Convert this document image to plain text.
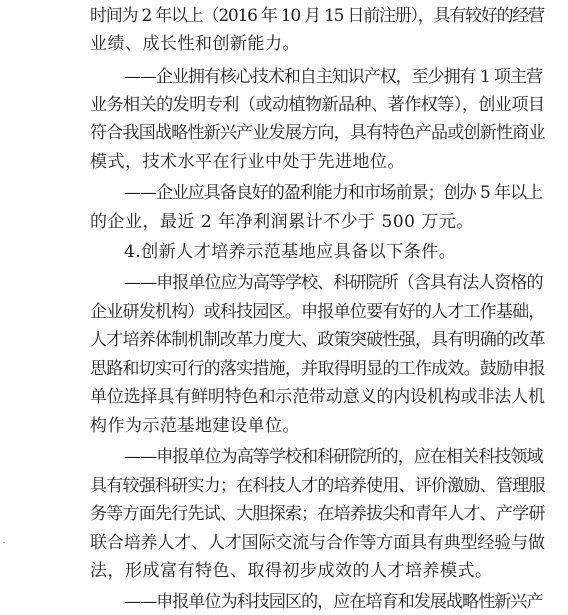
时间为 2 年以上（2016 年 10 月 15 日前注册），具有较好的经营
业绩、成长性和创新能力。
——企业拥有核心技术和自主知识产权，至少拥有 1 项主营
业务相关的发明专利（或动植物新品种、著作权等），创业项目
符合我国战略性新兴产业发展方向，具有特色产品或创新性商业
模式，技术水平在行业中处于先进地位。
——企业应具备良好的盈利能力和市场前景；创办 5 年以上
的企业，最近 2 年净利润累计不少于 500 万元。
4.创新人才培养示范基地应具备以下条件。
——申报单位应为高等学校、科研院所（含具有法人资格的
企业研发机构）或科技园区。申报单位要有好的人才工作基础，
人才培养体制机制改革力度大、政策突破性强，具有明确的改革
思路和切实可行的落实措施，并取得明显的工作成效。鼓励申报
单位选择具有鲜明特色和示范带动意义的内设机构或非法人机
构作为示范基地建设单位。
——申报单位为高等学校和科研院所的，应在相关科技领域
具有较强科研实力；在科技人才的培养使用、评价激励、管理服
务等方面先行先试、大胆探索；在培养拔尖和青年人才、产学研
联合培养人才、人才国际交流与合作等方面具有典型经验与做
法，形成富有特色、取得初步成效的人才培养模式。
——申报单位为科技园区的，应在培育和发展战略性新兴产
·
